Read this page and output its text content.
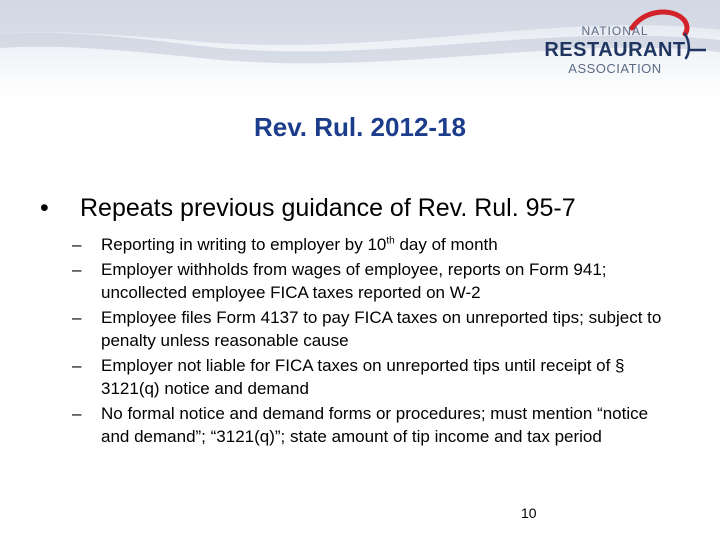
NATIONAL
RESTAURANT
ASSOCIATION
Rev. Rul. 2012-18
• Repeats previous guidance of Rev. Rul. 95-7
– Reporting in writing to employer by 10th day of month
– Employer withholds from wages of employee, reports on Form 941; uncollected employee FICA taxes reported on W-2
– Employee files Form 4137 to pay FICA taxes on unreported tips; subject to penalty unless reasonable cause
– Employer not liable for FICA taxes on unreported tips until receipt of § 3121(q) notice and demand
– No formal notice and demand forms or procedures; must mention “notice and demand”; “3121(q)”; state amount of tip income and tax period
10
